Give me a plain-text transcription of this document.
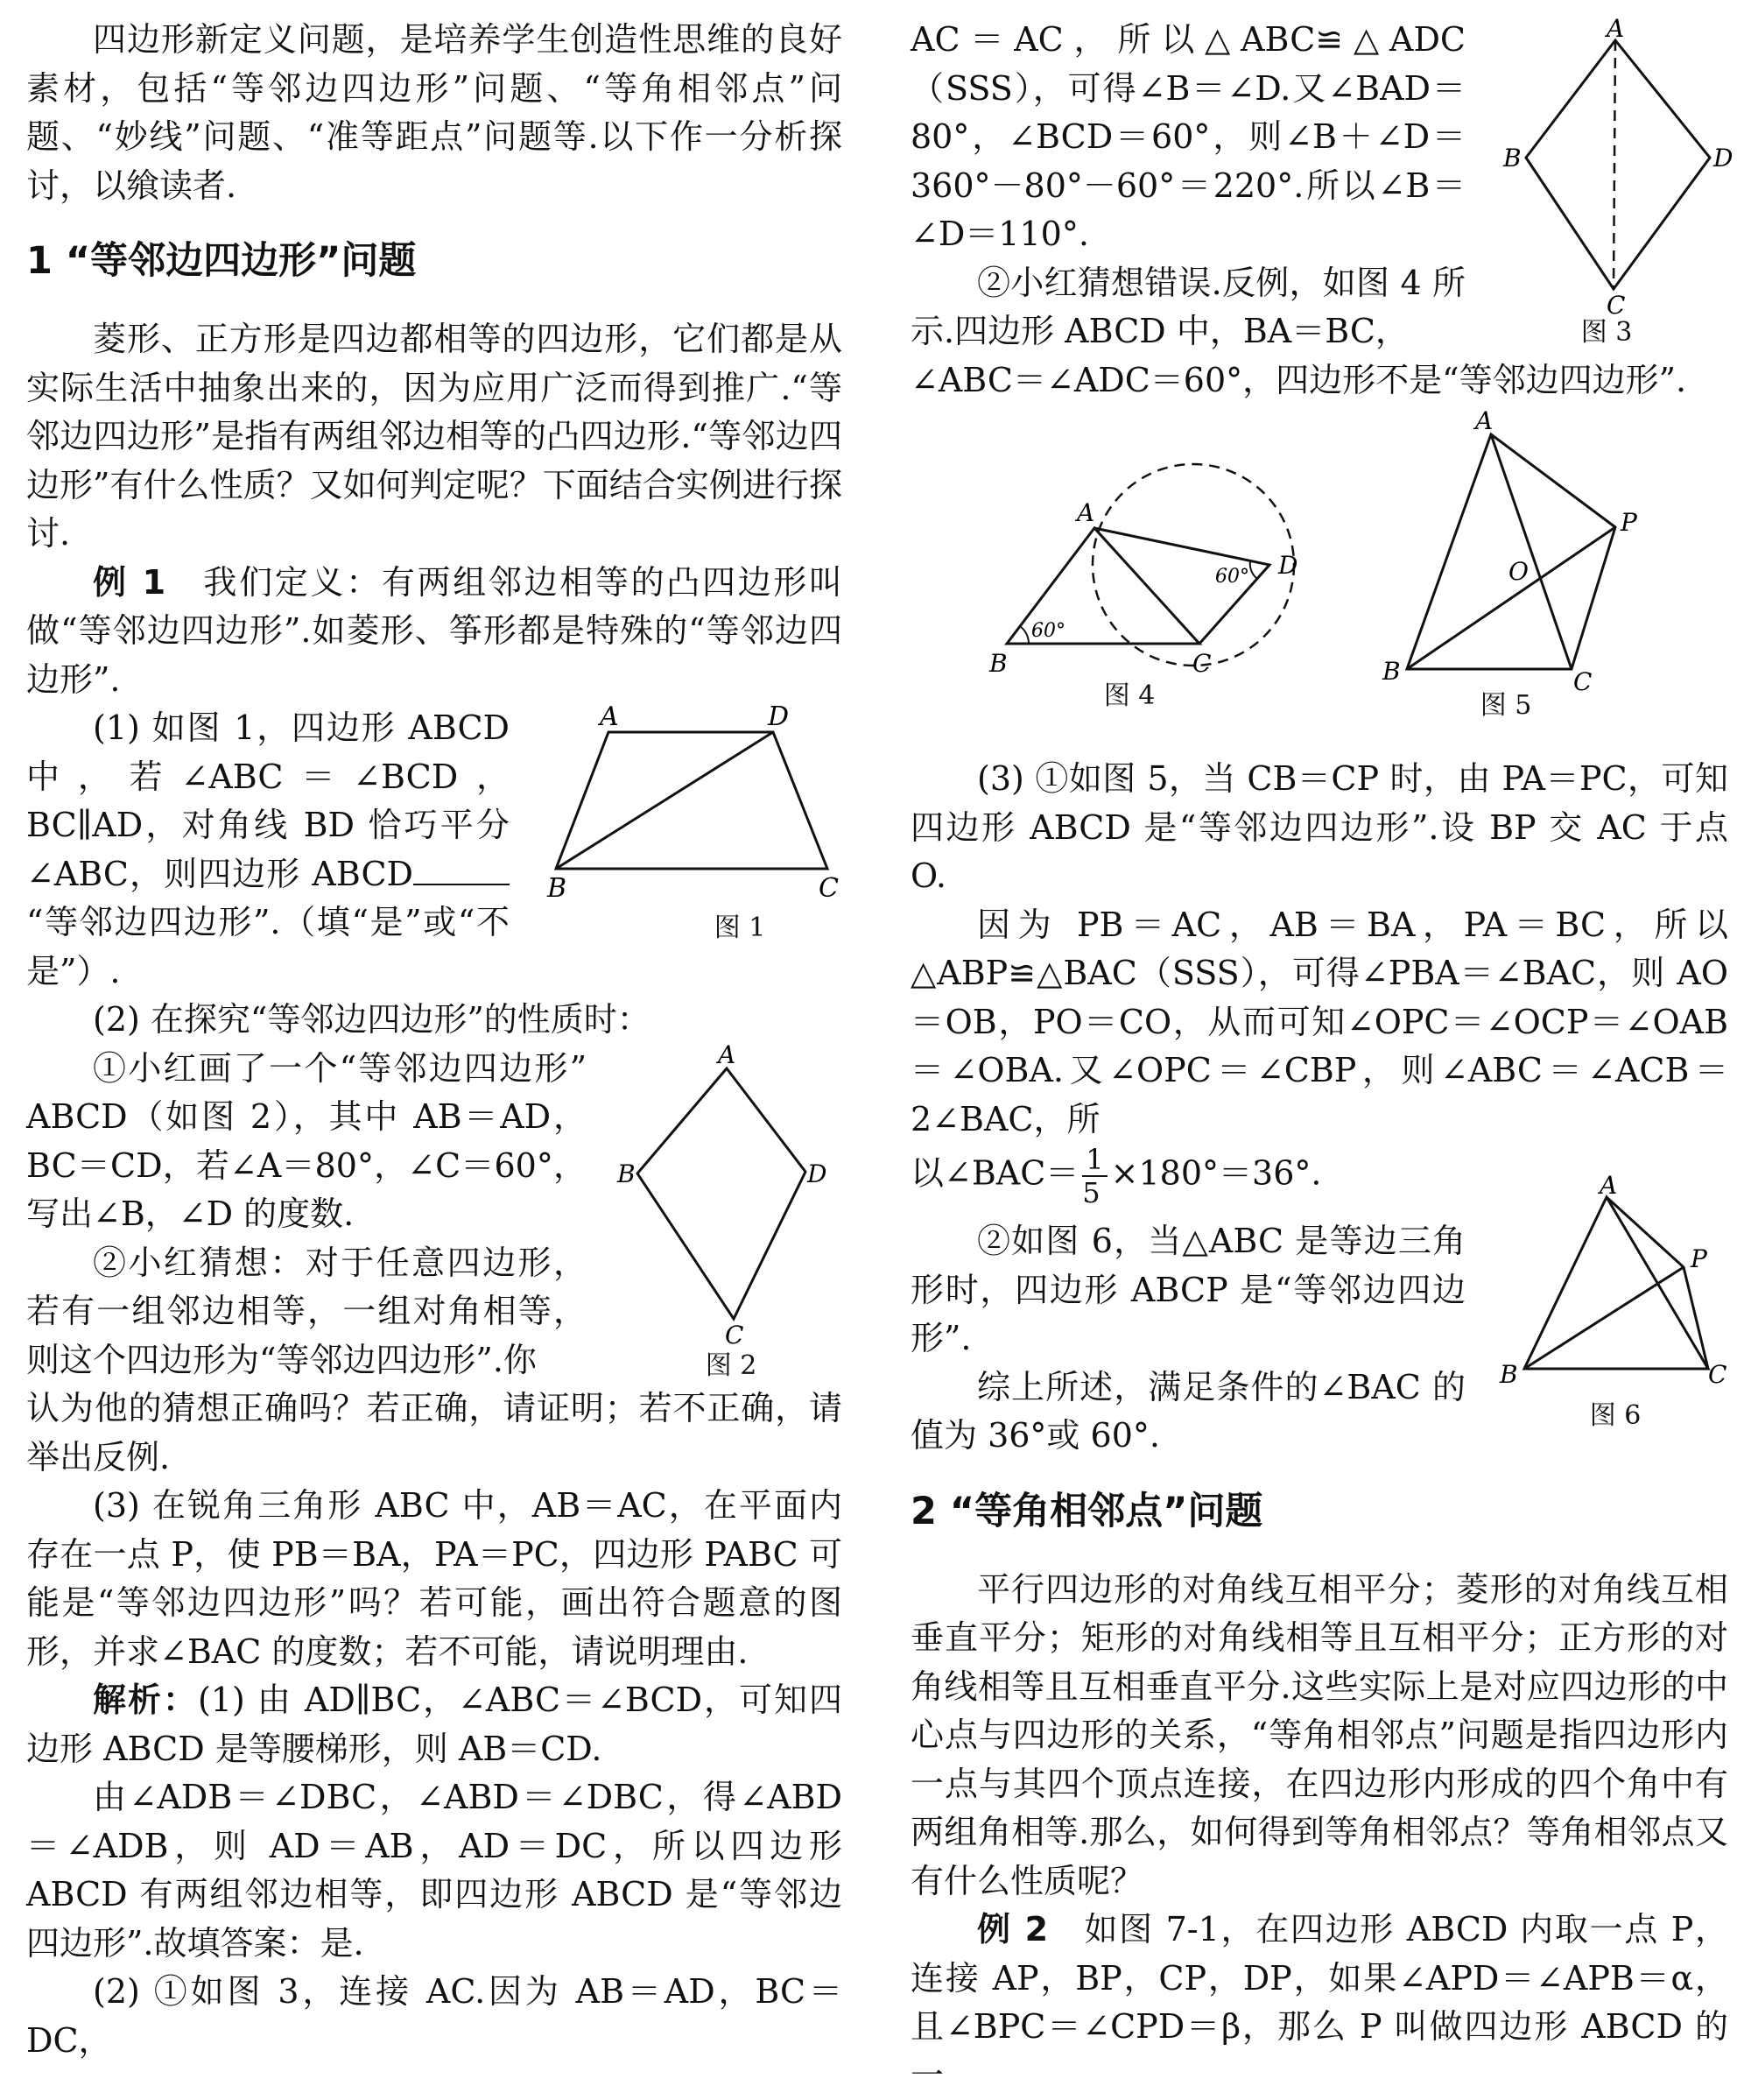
四边形新定义问题，是培养学生创造性思维的良好素材，包括“等邻边四边形”问题、“等角相邻点”问题、“妙线”问题、“准等距点”问题等.以下作一分析探讨，以飨读者.

1 “等邻边四边形”问题

菱形、正方形是四边都相等的四边形，它们都是从实际生活中抽象出来的，因为应用广泛而得到推广.“等邻边四边形”是指有两组邻边相等的凸四边形.“等邻边四边形”有什么性质？又如何判定呢？下面结合实例进行探讨.

例 1　 我们定义：有两组邻边相等的凸四边形叫做“等邻边四边形”.如菱形、筝形都是特殊的“等邻边四边形”.

(1) 如图 1，四边形 ABCD 中，若∠ABC＝∠BCD，BC∥AD，对角线 BD 恰巧平分∠ABC，则四边形 ABCD“等邻边四边形”.（填“是”或“不是”）.

(2) 在探究“等邻边四边形”的性质时：

①小红画了一个“等邻边四边形” ABCD（如图 2），其中 AB＝AD，BC＝CD，若∠A＝80°，∠C＝60°，写出∠B，∠D 的度数.

②小红猜想：对于任意四边形，若有一组邻边相等，一组对角相等，则这个四边形为“等邻边四边形”.你

认为他的猜想正确吗？若正确，请证明；若不正确，请举出反例.

(3) 在锐角三角形 ABC 中，AB＝AC，在平面内存在一点 P，使 PB＝BA，PA＝PC，四边形 PABC 可能是“等邻边四边形”吗？若可能，画出符合题意的图形，并求∠BAC 的度数；若不可能，请说明理由.

解析：(1) 由 AD∥BC，∠ABC＝∠BCD，可知四边形 ABCD 是等腰梯形，则 AB＝CD.

由∠ADB＝∠DBC，∠ABD＝∠DBC，得∠ABD＝∠ADB，则 AD＝AB，AD＝DC，所以四边形 ABCD 有两组邻边相等，即四边形 ABCD 是“等邻边四边形”.故填答案：是.

(2) ①如图 3，连接 AC.因为 AB＝AD，BC＝DC，

A	D
B	C
图 1
A
B	D
C
图 2

AC＝AC，所以△ABC≌△ADC（SSS），可得∠B＝∠D.又∠BAD＝80°，∠BCD＝60°，则∠B＋∠D＝360°－80°－60°＝220°.所以∠B＝∠D＝110°.

②小红猜想错误.反例，如图 4 所示.四边形 ABCD 中，BA＝BC，

∠ABC＝∠ADC＝60°，四边形不是“等邻边四边形”.

(3) ①如图 5，当 CB＝CP 时，由 PA＝PC，可知四边形 ABCD 是“等邻边四边形”.设 BP 交 AC 于点 O.

因为 PB＝AC，AB＝BA，PA＝BC，所以△ABP≌△BAC（SSS），可得∠PBA＝∠BAC，则 AO＝OB，PO＝CO，从而可知∠OPC＝∠OCP＝∠OAB＝∠OBA.又∠OPC＝∠CBP，则∠ABC＝∠ACB＝2∠BAC，所

以∠BAC＝ $\frac{1}{5} \times 180^\circ=36^\circ$.

②如图 6，当△ABC 是等边三角形时，四边形 ABCP 是“等邻边四边形”.

综上所述，满足条件的∠BAC 的值为 36°或 60°.

2 “等角相邻点”问题

平行四边形的对角线互相平分；菱形的对角线互相垂直平分；矩形的对角线相等且互相平分；正方形的对角线相等且互相垂直平分.这些实际上是对应四边形的中心点与四边形的关系，“等角相邻点”问题是指四边形内一点与其四个顶点连接，在四边形内形成的四个角中有两组角相等.那么，如何得到等角相邻点？等角相邻点又有什么性质呢？

例 2　 如图 7-1，在四边形 ABCD 内取一点 P，连接 AP，BP，CP，DP，如果∠APD＝∠APB＝α，且∠BPC＝∠CPD＝β，那么 P 叫做四边形 ABCD 的一

A
B	D
C
图 3
A
D
B	C
60°
60°
图 4
A
P
O
B	C
图 5
A
P
B	C
图 6
